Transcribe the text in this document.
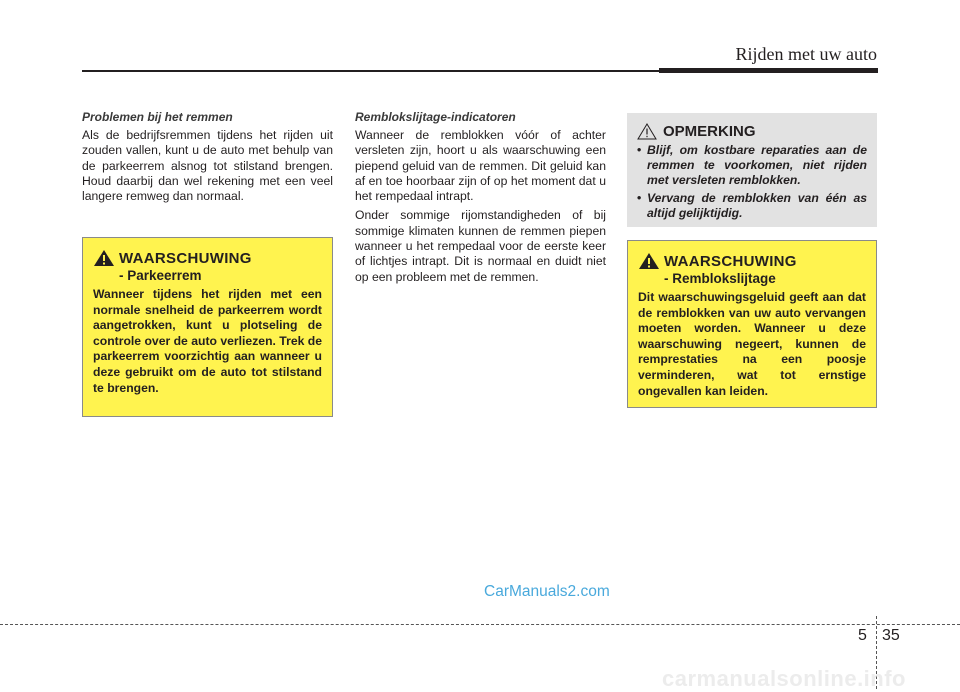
Rijden met uw auto

Problemen bij het remmen

Als de bedrijfsremmen tijdens het rijden uit zouden vallen, kunt u de auto met behulp van de parkeerrem alsnog tot stilstand brengen. Houd daarbij dan wel rekening met een veel langere remweg dan normaal.

WAARSCHUWING
- Parkeerrem
Wanneer tijdens het rijden met een normale snelheid de parkeerrem wordt aangetrokken, kunt u plotseling de controle over de auto verliezen. Trek de parkeerrem voorzichtig aan wanneer u deze gebruikt om de auto tot stilstand te brengen.

Remblokslijtage-indicatoren

Wanneer de remblokken vóór of achter versleten zijn, hoort u als waarschuwing een piepend geluid van de remmen. Dit geluid kan af en toe hoorbaar zijn of op het moment dat u het rempedaal intrapt.

Onder sommige rijomstandigheden of bij sommige klimaten kunnen de remmen piepen wanneer u het rempedaal voor de eerste keer of lichtjes intrapt. Dit is normaal en duidt niet op een probleem met de remmen.

OPMERKING
• Blijf, om kostbare reparaties aan de remmen te voorkomen, niet rijden met versleten remblokken.
• Vervang de remblokken van één as altijd gelijktijdig.
WAARSCHUWING
- Remblokslijtage
Dit waarschuwingsgeluid geeft aan dat de remblokken van uw auto vervangen moeten worden. Wanneer u deze waarschuwing negeert, kunnen de remprestaties na een poosje verminderen, wat tot ernstige ongevallen kan leiden.
CarManuals2.com
5 35
carmanualsonline.info
